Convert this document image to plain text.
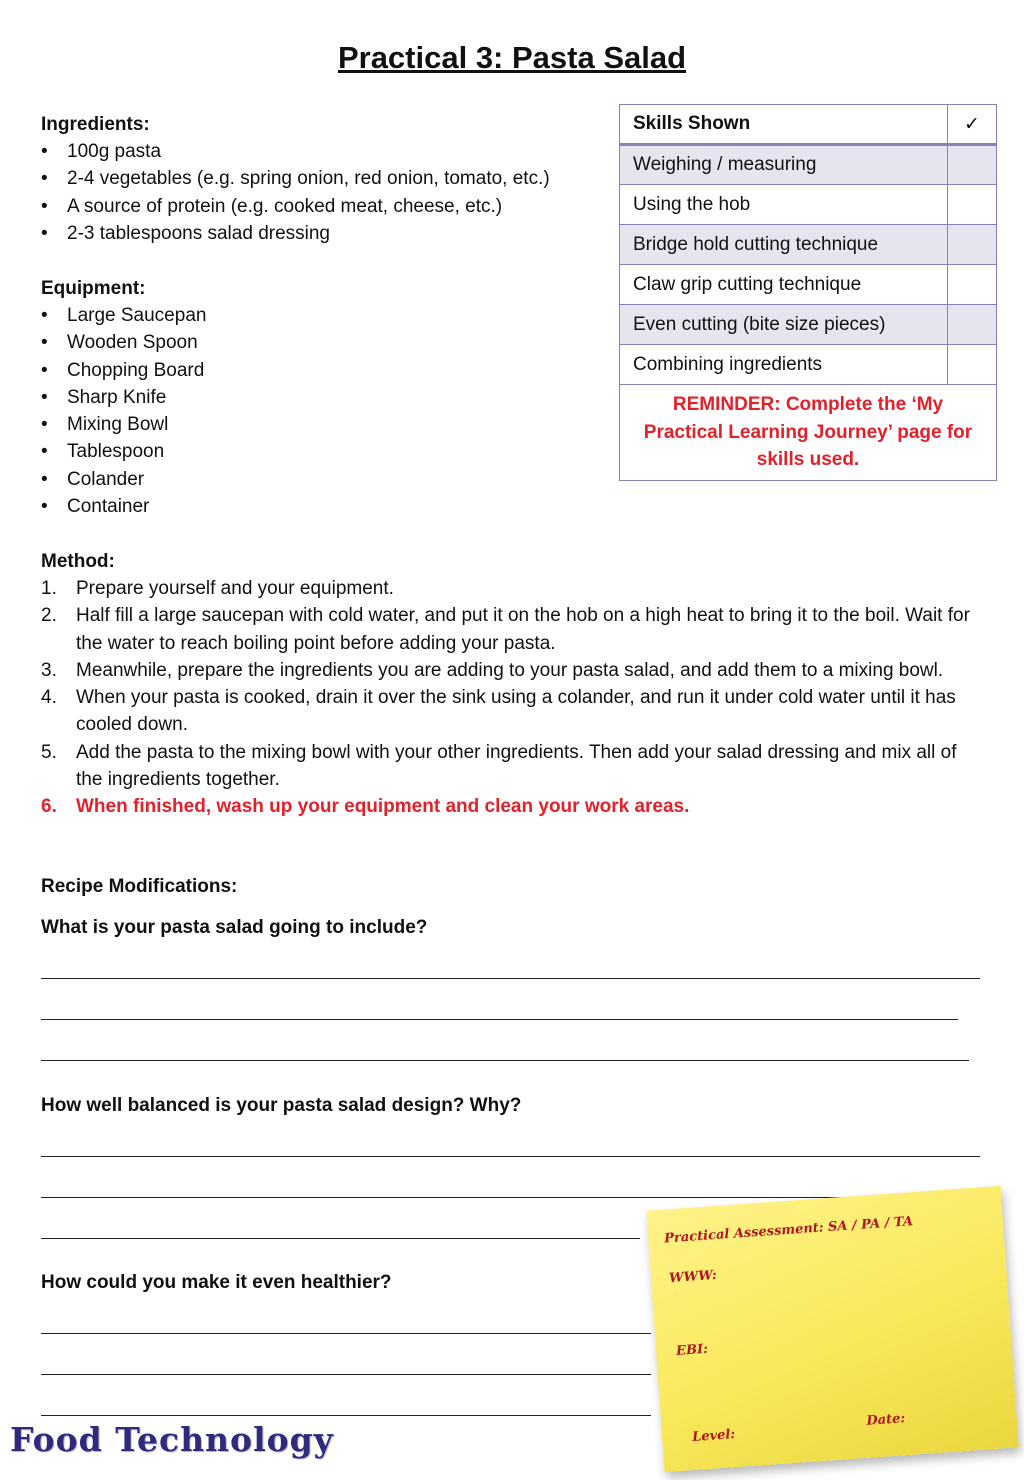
Practical 3: Pasta Salad

Ingredients:

• 100g pasta
• 2-4 vegetables (e.g. spring onion, red onion, tomato, etc.)
• A source of protein (e.g. cooked meat, cheese, etc.)
• 2-3 tablespoons salad dressing

Equipment:

• Large Saucepan
• Wooden Spoon
• Chopping Board
• Sharp Knife
• Mixing Bowl
• Tablespoon
• Colander
• Container
Skills Shown	✓
Weighing / measuring	
Using the hob	
Bridge hold cutting technique	
Claw grip cutting technique	
Even cutting (bite size pieces)	
Combining ingredients	
REMINDER: Complete the ‘My Practical Learning Journey’ page for skills used.	

Method:

1. Prepare yourself and your equipment.
2. Half fill a large saucepan with cold water, and put it on the hob on a high heat to bring it to the boil. Wait for the water to reach boiling point before adding your pasta.
3. Meanwhile, prepare the ingredients you are adding to your pasta salad, and add them to a mixing bowl.
4. When your pasta is cooked, drain it over the sink using a colander, and run it under cold water until it has cooled down.
5. Add the pasta to the mixing bowl with your other ingredients. Then add your salad dressing and mix all of the ingredients together.
6. When finished, wash up your equipment and clean your work areas.

Recipe Modifications:

What is your pasta salad going to include?

How well balanced is your pasta salad design? Why?

How could you make it even healthier?

Practical Assessment: SA / PA / TA
WWW:
EBI:
Level:
Date:
Food Technology
